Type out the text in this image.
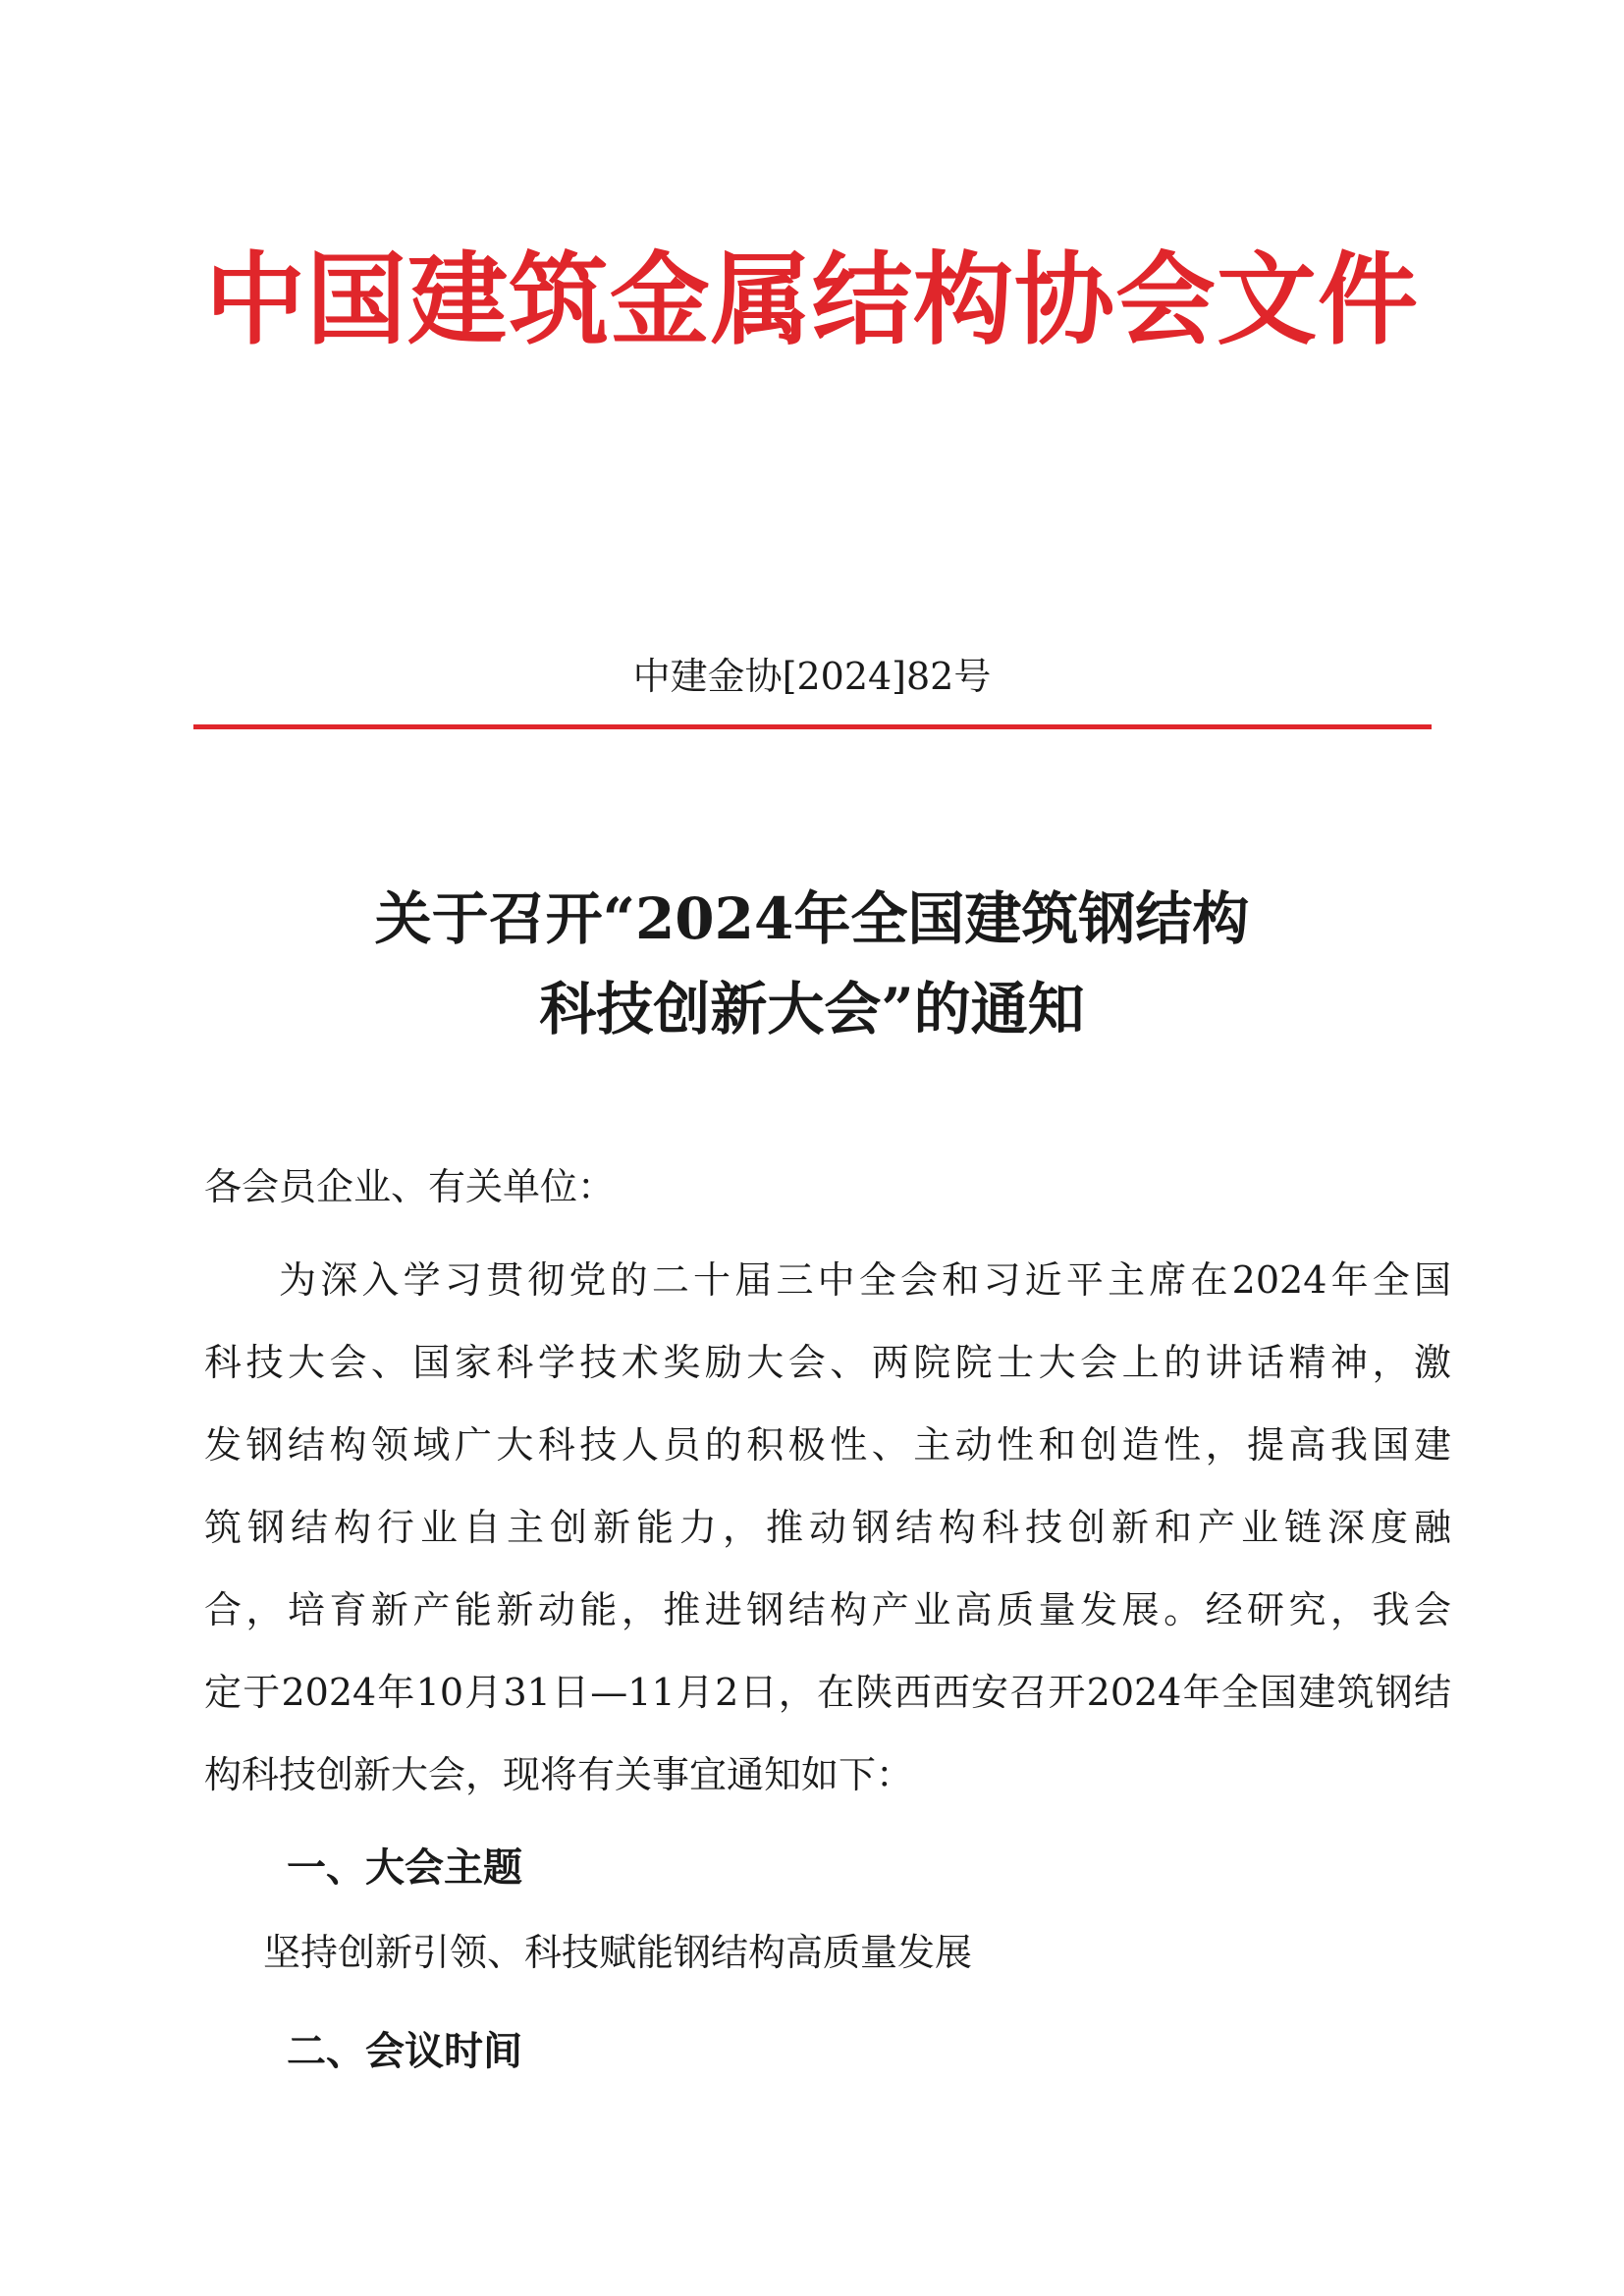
中国建筑金属结构协会文件
中建金协[2024]82号
关于召开“2024年全国建筑钢结构
科技创新大会”的通知
各会员企业、有关单位：
为深入学习贯彻党的二十届三中全会和习近平主席在2024年全国
科技大会、国家科学技术奖励大会、两院院士大会上的讲话精神，激
发钢结构领域广大科技人员的积极性、主动性和创造性，提高我国建
筑钢结构行业自主创新能力，推动钢结构科技创新和产业链深度融
合，培育新产能新动能，推进钢结构产业高质量发展。经研究，我会
定于2024年10月31日—11月2日，在陕西西安召开2024年全国建筑钢结
构科技创新大会，现将有关事宜通知如下：
一、大会主题
坚持创新引领、科技赋能钢结构高质量发展
二、会议时间
